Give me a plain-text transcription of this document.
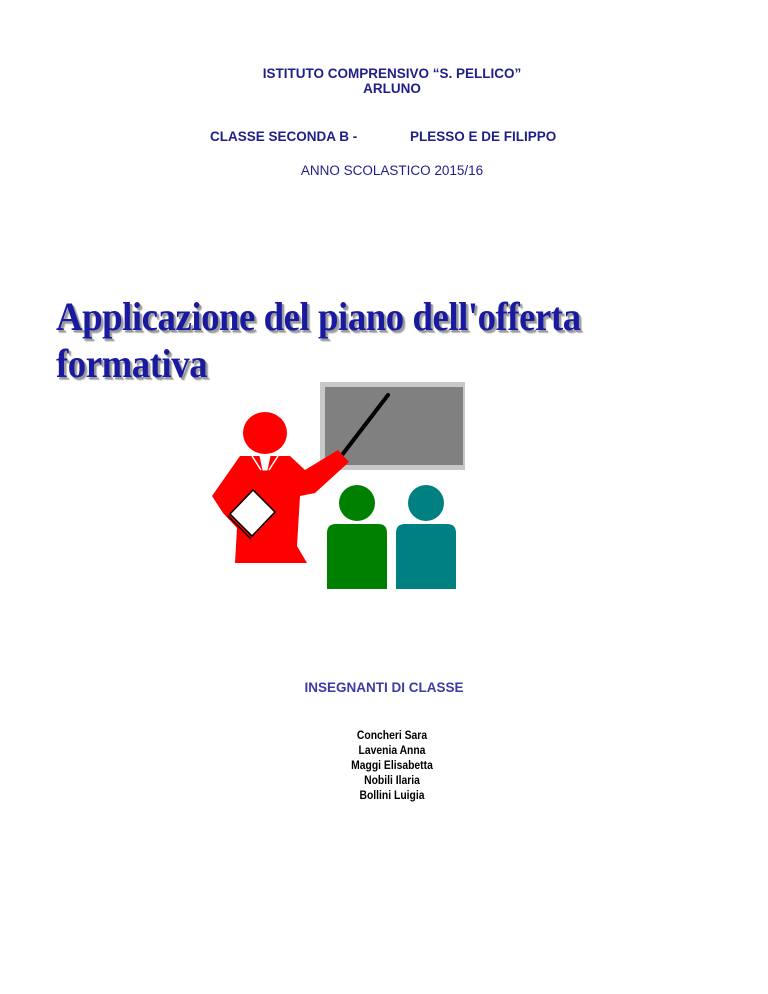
ISTITUTO COMPRENSIVO “S. PELLICO”
ARLUNO
CLASSE SECONDA B -	PLESSO E DE FILIPPO
ANNO SCOLASTICO 2015/16
Applicazione del piano dell'offerta formativa
INSEGNANTI DI CLASSE
Concheri Sara
Lavenia Anna
Maggi Elisabetta
Nobili Ilaria
Bollini Luigia
